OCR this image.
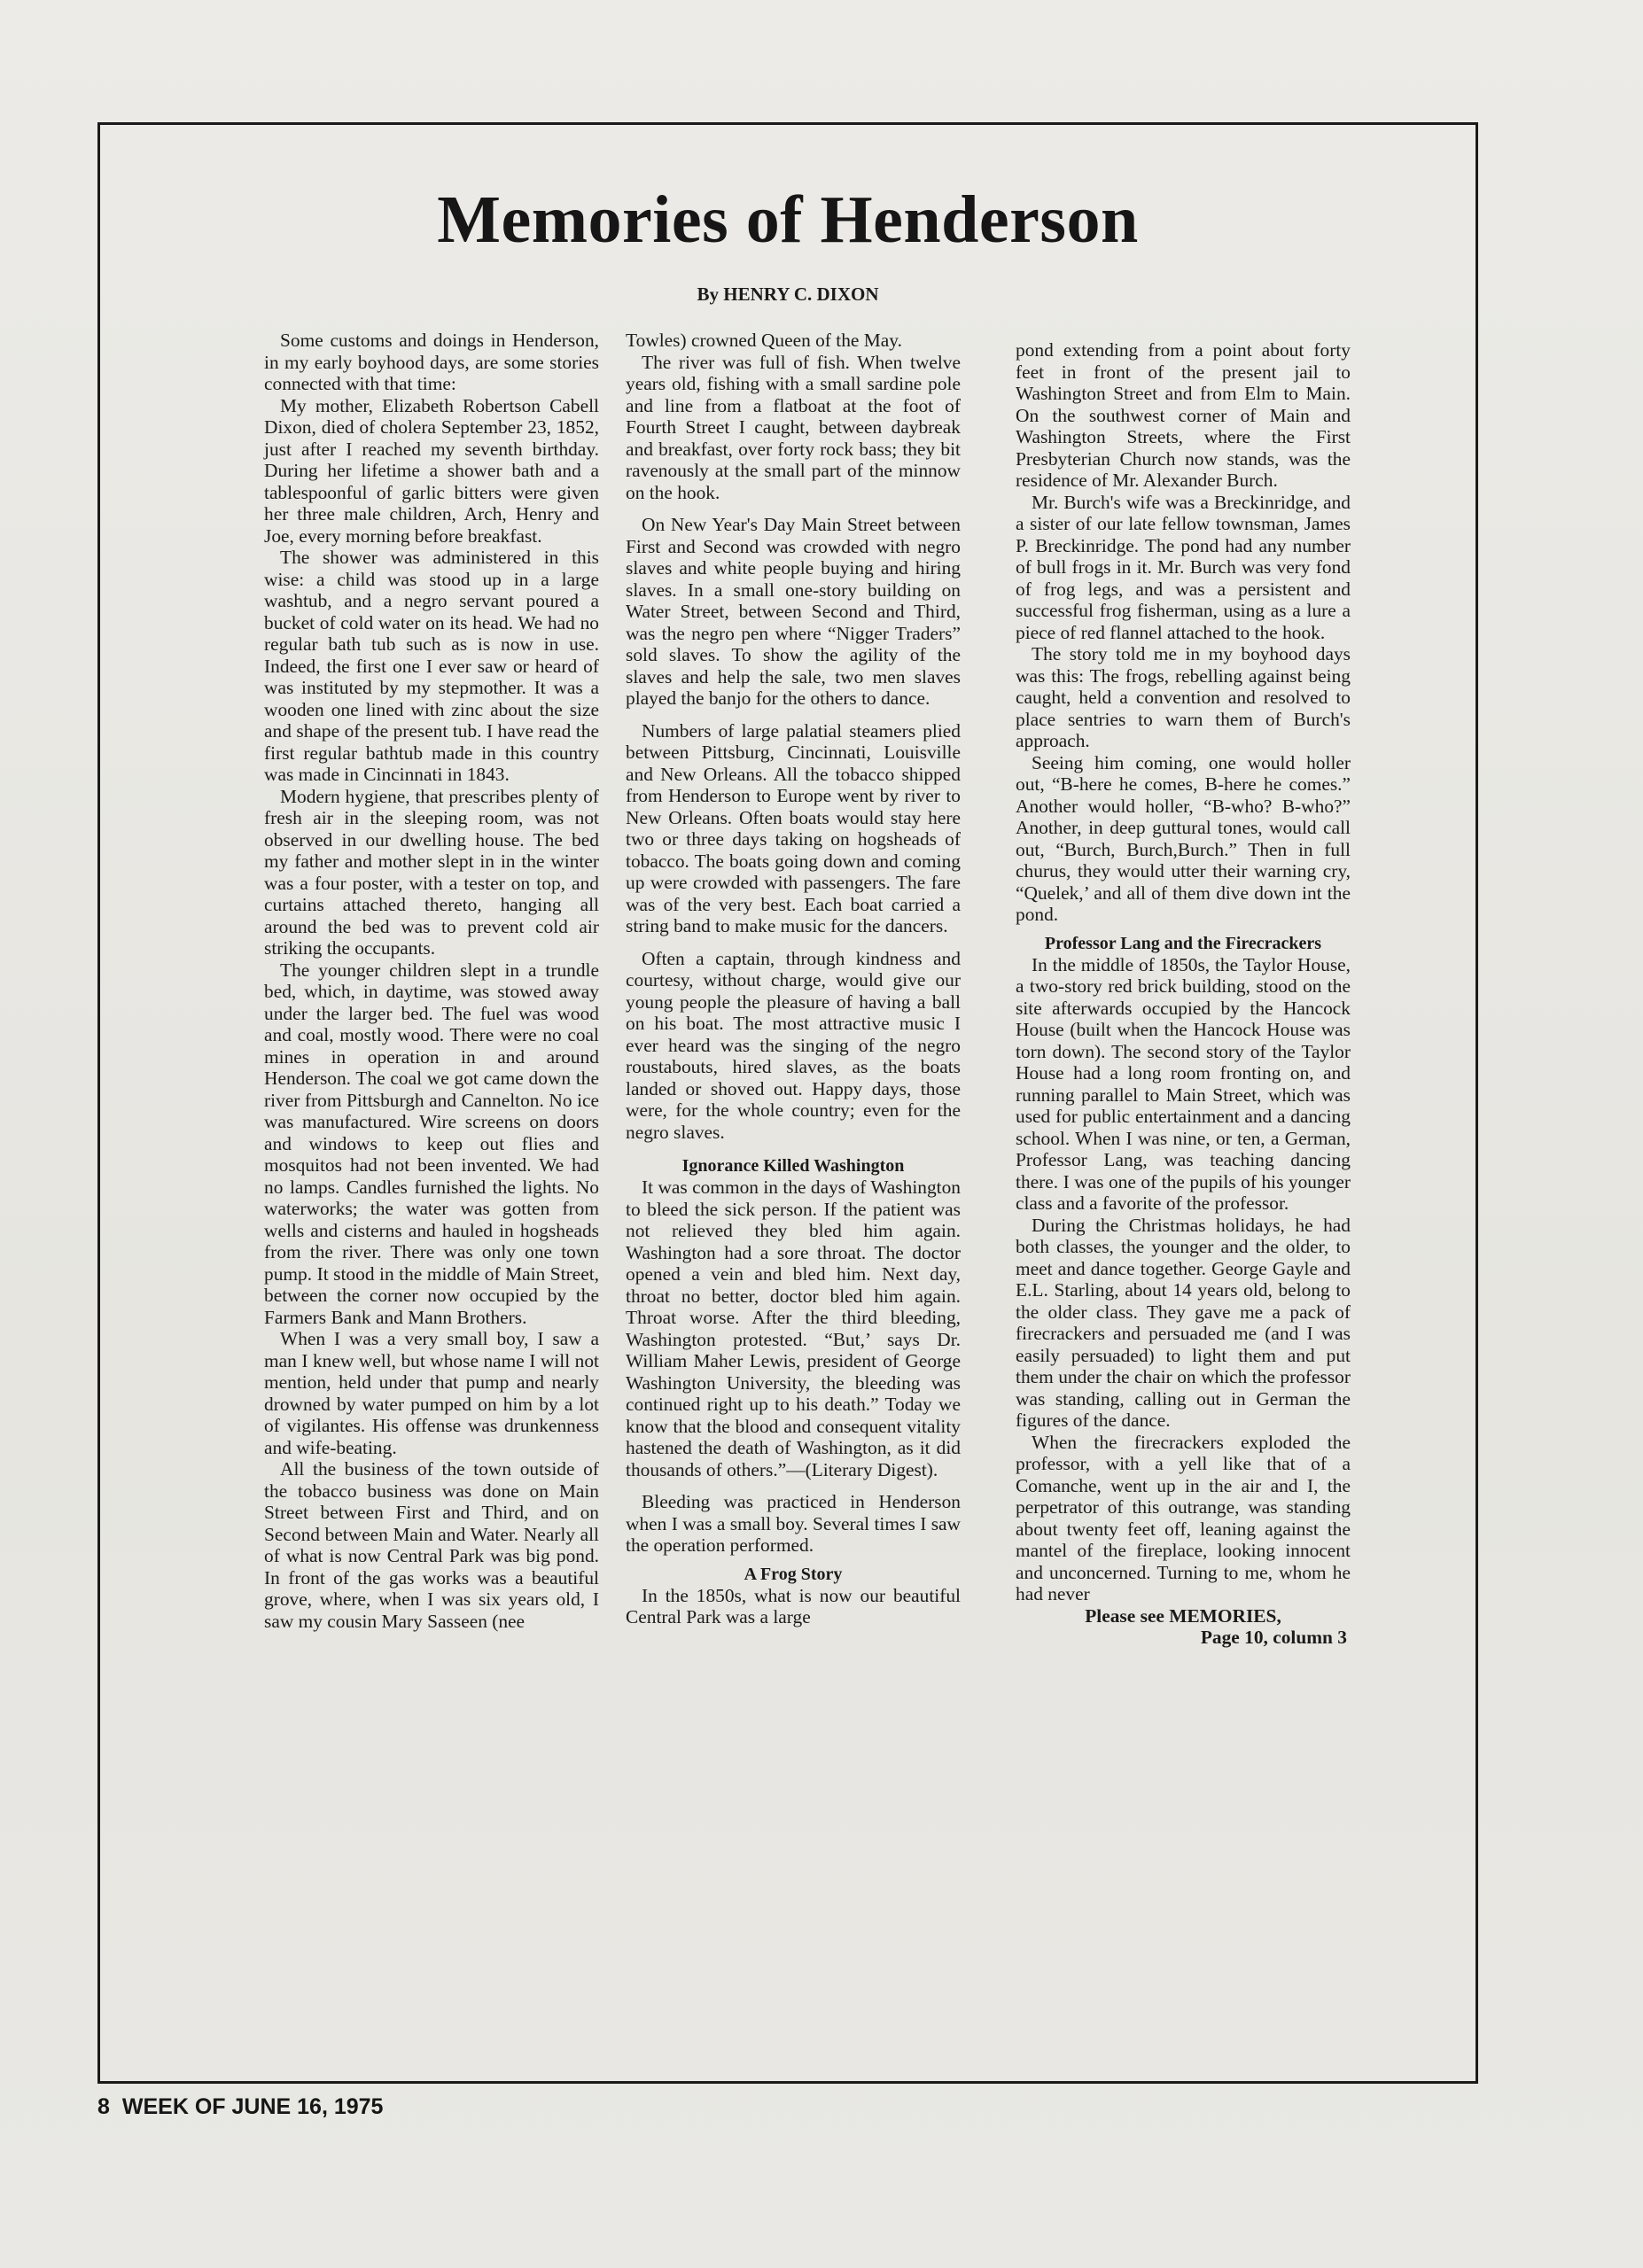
Memories of Henderson

By HENRY C. DIXON

Some customs and doings in Henderson, in my early boyhood days, are some stories connected with that time:

My mother, Elizabeth Robertson Cabell Dixon, died of cholera September 23, 1852, just after I reached my seventh birthday. During her lifetime a shower bath and a tablespoonful of garlic bitters were given her three male children, Arch, Henry and Joe, every morning before breakfast.

The shower was administered in this wise: a child was stood up in a large washtub, and a negro servant poured a bucket of cold water on its head. We had no regular bath tub such as is now in use. Indeed, the first one I ever saw or heard of was instituted by my stepmother. It was a wooden one lined with zinc about the size and shape of the present tub. I have read the first regular bathtub made in this country was made in Cincinnati in 1843.

Modern hygiene, that prescribes plenty of fresh air in the sleeping room, was not observed in our dwelling house. The bed my father and mother slept in in the winter was a four poster, with a tester on top, and curtains attached thereto, hanging all around the bed was to prevent cold air striking the occupants.

The younger children slept in a trundle bed, which, in daytime, was stowed away under the larger bed. The fuel was wood and coal, mostly wood. There were no coal mines in operation in and around Henderson. The coal we got came down the river from Pittsburgh and Cannelton. No ice was manufactured. Wire screens on doors and windows to keep out flies and mosquitos had not been invented. We had no lamps. Candles furnished the lights. No waterworks; the water was gotten from wells and cisterns and hauled in hogsheads from the river. There was only one town pump. It stood in the middle of Main Street, between the corner now occupied by the Farmers Bank and Mann Brothers.

When I was a very small boy, I saw a man I knew well, but whose name I will not mention, held under that pump and nearly drowned by water pumped on him by a lot of vigilantes. His offense was drunkenness and wife-beating.

All the business of the town outside of the tobacco business was done on Main Street between First and Third, and on Second between Main and Water. Nearly all of what is now Central Park was big pond. In front of the gas works was a beautiful grove, where, when I was six years old, I saw my cousin Mary Sasseen (nee

Towles) crowned Queen of the May.

The river was full of fish. When twelve years old, fishing with a small sardine pole and line from a flatboat at the foot of Fourth Street I caught, between daybreak and breakfast, over forty rock bass; they bit ravenously at the small part of the minnow on the hook.

On New Year's Day Main Street between First and Second was crowded with negro slaves and white people buying and hiring slaves. In a small one-story building on Water Street, between Second and Third, was the negro pen where “Nigger Traders” sold slaves. To show the agility of the slaves and help the sale, two men slaves played the banjo for the others to dance.

Numbers of large palatial steamers plied between Pittsburg, Cincinnati, Louisville and New Orleans. All the tobacco shipped from Henderson to Europe went by river to New Orleans. Often boats would stay here two or three days taking on hogsheads of tobacco. The boats going down and coming up were crowded with passengers. The fare was of the very best. Each boat carried a string band to make music for the dancers.

Often a captain, through kindness and courtesy, without charge, would give our young people the pleasure of having a ball on his boat. The most attractive music I ever heard was the singing of the negro roustabouts, hired slaves, as the boats landed or shoved out. Happy days, those were, for the whole country; even for the negro slaves.

Ignorance Killed Washington

It was common in the days of Washington to bleed the sick person. If the patient was not relieved they bled him again. Washington had a sore throat. The doctor opened a vein and bled him. Next day, throat no better, doctor bled him again. Throat worse. After the third bleeding, Washington protested. “But,’ says Dr. William Maher Lewis, president of George Washington University, the bleeding was continued right up to his death.” Today we know that the blood and consequent vitality hastened the death of Washington, as it did thousands of others.”—(Literary Digest).

Bleeding was practiced in Henderson when I was a small boy. Several times I saw the operation performed.

A Frog Story

In the 1850s, what is now our beautiful Central Park was a large

pond extending from a point about forty feet in front of the present jail to Washington Street and from Elm to Main. On the southwest corner of Main and Washington Streets, where the First Presbyterian Church now stands, was the residence of Mr. Alexander Burch.

Mr. Burch's wife was a Breckinridge, and a sister of our late fellow townsman, James P. Breckinridge. The pond had any number of bull frogs in it. Mr. Burch was very fond of frog legs, and was a persistent and successful frog fisherman, using as a lure a piece of red flannel attached to the hook.

The story told me in my boyhood days was this: The frogs, rebelling against being caught, held a convention and resolved to place sentries to warn them of Burch's approach.

Seeing him coming, one would holler out, “B-here he comes, B-here he comes.” Another would holler, “B-who? B-who?” Another, in deep guttural tones, would call out, “Burch, Burch,Burch.” Then in full churus, they would utter their warning cry, “Quelek,’ and all of them dive down int the pond.

Professor Lang and the Firecrackers

In the middle of 1850s, the Taylor House, a two-story red brick building, stood on the site afterwards occupied by the Hancock House (built when the Hancock House was torn down). The second story of the Taylor House had a long room fronting on, and running parallel to Main Street, which was used for public entertainment and a dancing school. When I was nine, or ten, a German, Professor Lang, was teaching dancing there. I was one of the pupils of his younger class and a favorite of the professor.

During the Christmas holidays, he had both classes, the younger and the older, to meet and dance together. George Gayle and E.L. Starling, about 14 years old, belong to the older class. They gave me a pack of firecrackers and persuaded me (and I was easily persuaded) to light them and put them under the chair on which the professor was standing, calling out in German the figures of the dance.

When the firecrackers exploded the professor, with a yell like that of a Comanche, went up in the air and I, the perpetrator of this outrange, was standing about twenty feet off, leaning against the mantel of the fireplace, looking innocent and unconcerned. Turning to me, whom he had never

Please see MEMORIES,

Page 10, column 3

8 WEEK OF JUNE 16, 1975
